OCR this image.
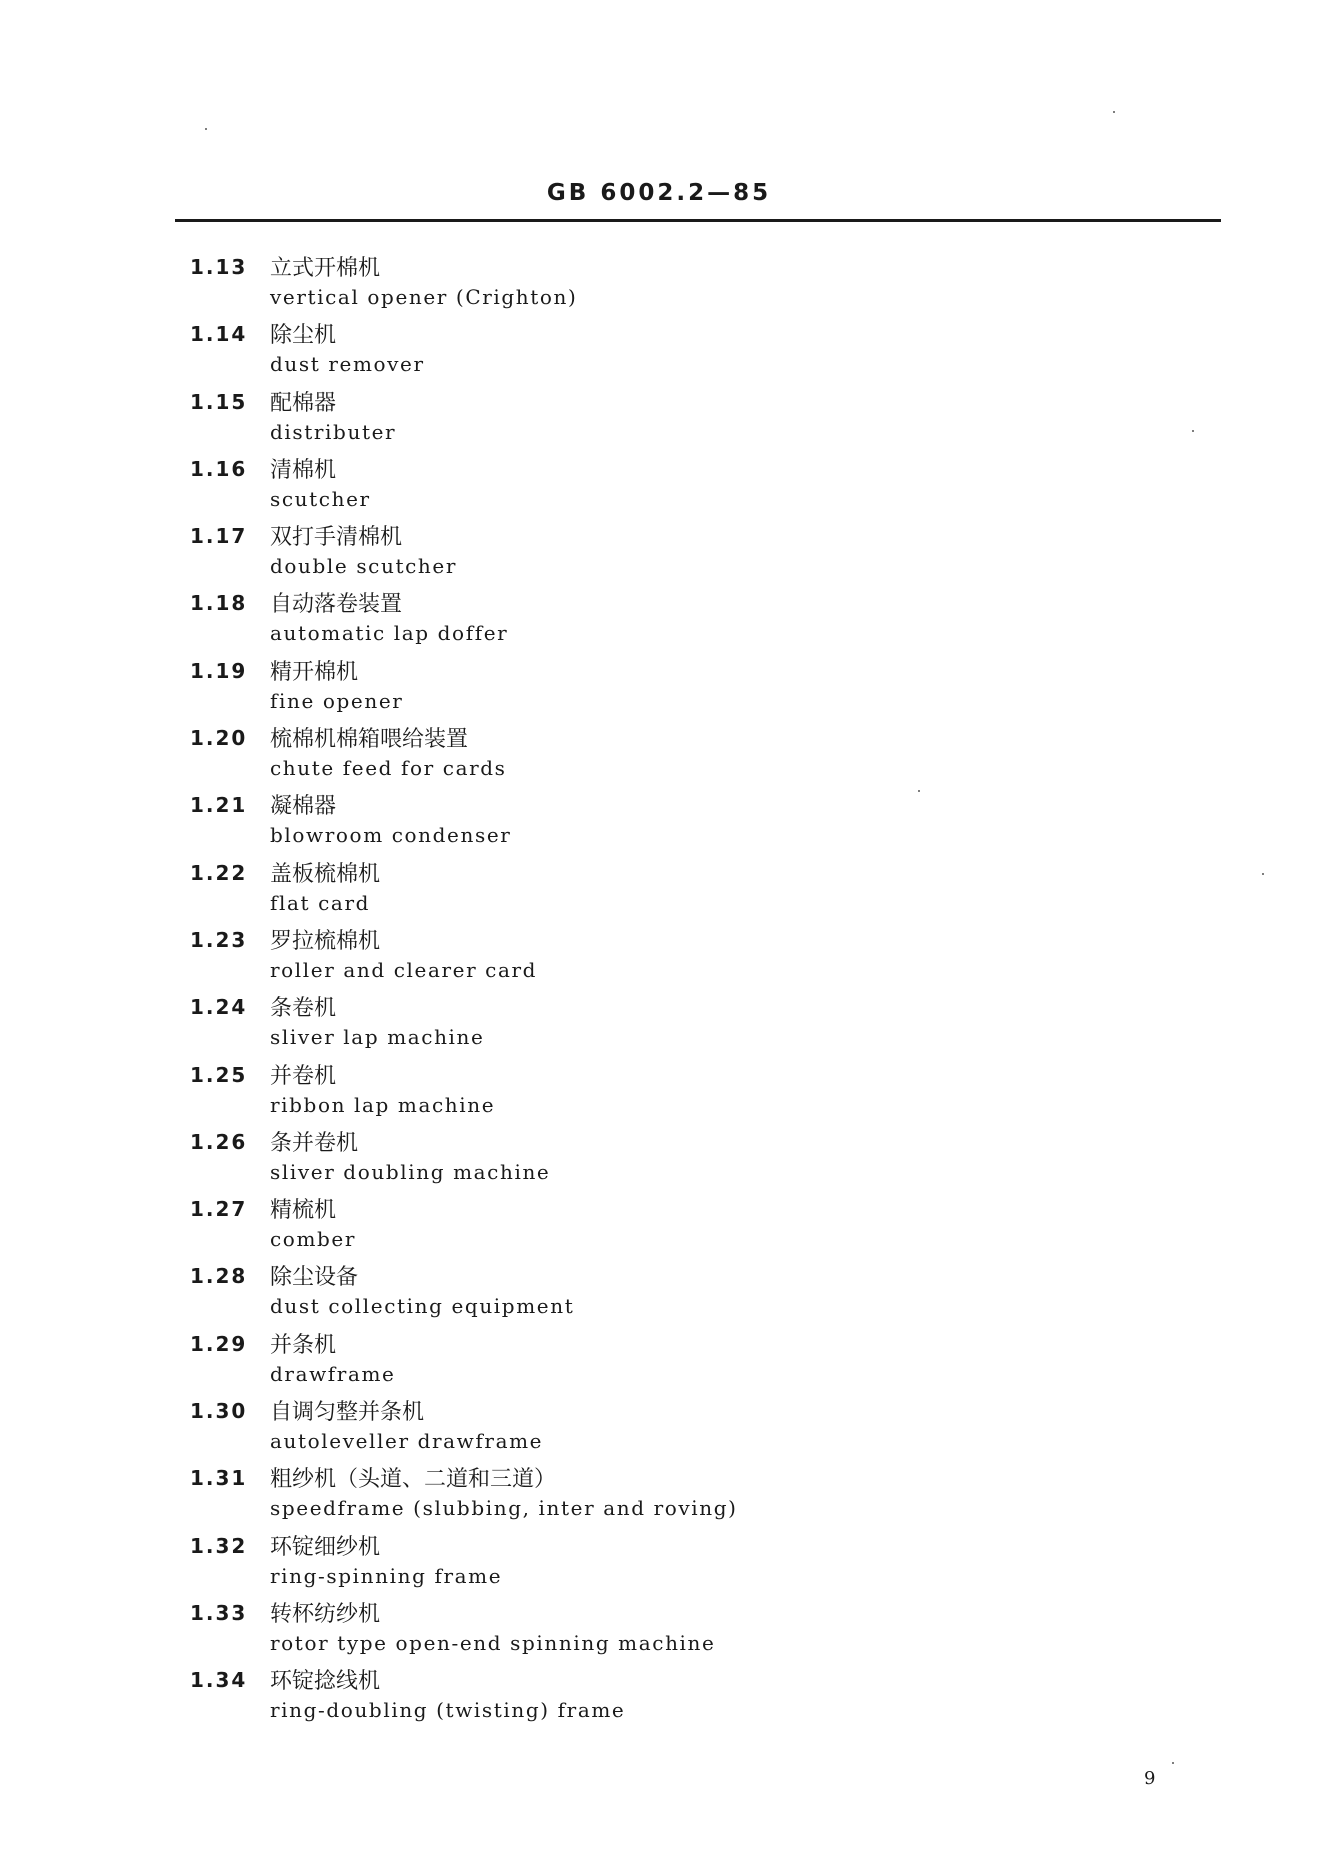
GB 6002.2—85
1.13 立式开棉机
vertical opener (Crighton)
1.14 除尘机
dust remover
1.15 配棉器
distributer
1.16 清棉机
scutcher
1.17 双打手清棉机
double scutcher
1.18 自动落卷装置
automatic lap doffer
1.19 精开棉机
fine opener
1.20 梳棉机棉箱喂给装置
chute feed for cards
1.21 凝棉器
blowroom condenser
1.22 盖板梳棉机
flat card
1.23 罗拉梳棉机
roller and clearer card
1.24 条卷机
sliver lap machine
1.25 并卷机
ribbon lap machine
1.26 条并卷机
sliver doubling machine
1.27 精梳机
comber
1.28 除尘设备
dust collecting equipment
1.29 并条机
drawframe
1.30 自调匀整并条机
autoleveller drawframe
1.31 粗纱机（头道、二道和三道）
speedframe (slubbing, inter and roving)
1.32 环锭细纱机
ring-spinning frame
1.33 转杯纺纱机
rotor type open-end spinning machine
1.34 环锭捻线机
ring-doubling (twisting) frame
9
